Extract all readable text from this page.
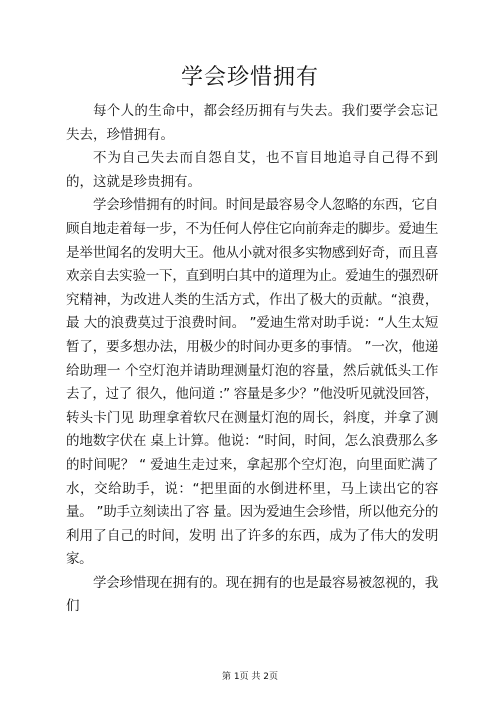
学会珍惜拥有

每个人的生命中，都会经历拥有与失去。我们要学会忘记失去，珍惜拥有。

不为自己失去而自怨自艾，也不盲目地追寻自己得不到的，这就是珍贵拥有。

学会珍惜拥有的时间。时间是最容易令人忽略的东西，它自 顾自地走着每一步，不为任何人停住它向前奔走的脚步。爱迪生 是举世闻名的发明大王。他从小就对很多实物感到好奇，而且喜 欢亲自去实验一下，直到明白其中的道理为止。爱迪生的强烈研 究精神，为改进人类的生活方式，作出了极大的贡献。“浪费，最 大的浪费莫过于浪费时间。 ”爱迪生常对助手说：“人生太短暂了，要多想办法，用极少的时间办更多的事情。 ”一次，他递给助理一 个空灯泡并请助理测量灯泡的容量，然后就低头工作去了，过了 很久，他问道 :” 容量是多少？”他没听见就没回答，转头卡门见 助理拿着软尺在测量灯泡的周长，斜度，并拿了测的地数字伏在 桌上计算。他说：“时间，时间，怎么浪费那么多的时间呢？ “ 爱迪生走过来，拿起那个空灯泡，向里面贮满了水，交给助手，说：“把里面的水倒进杯里，马上读出它的容量。 ”助手立刻读出了容 量。因为爱迪生会珍惜，所以他充分的利用了自己的时间，发明 出了许多的东西，成为了伟大的发明家。

学会珍惜现在拥有的。现在拥有的也是最容易被忽视的，我 们

第 1页 共 2页
